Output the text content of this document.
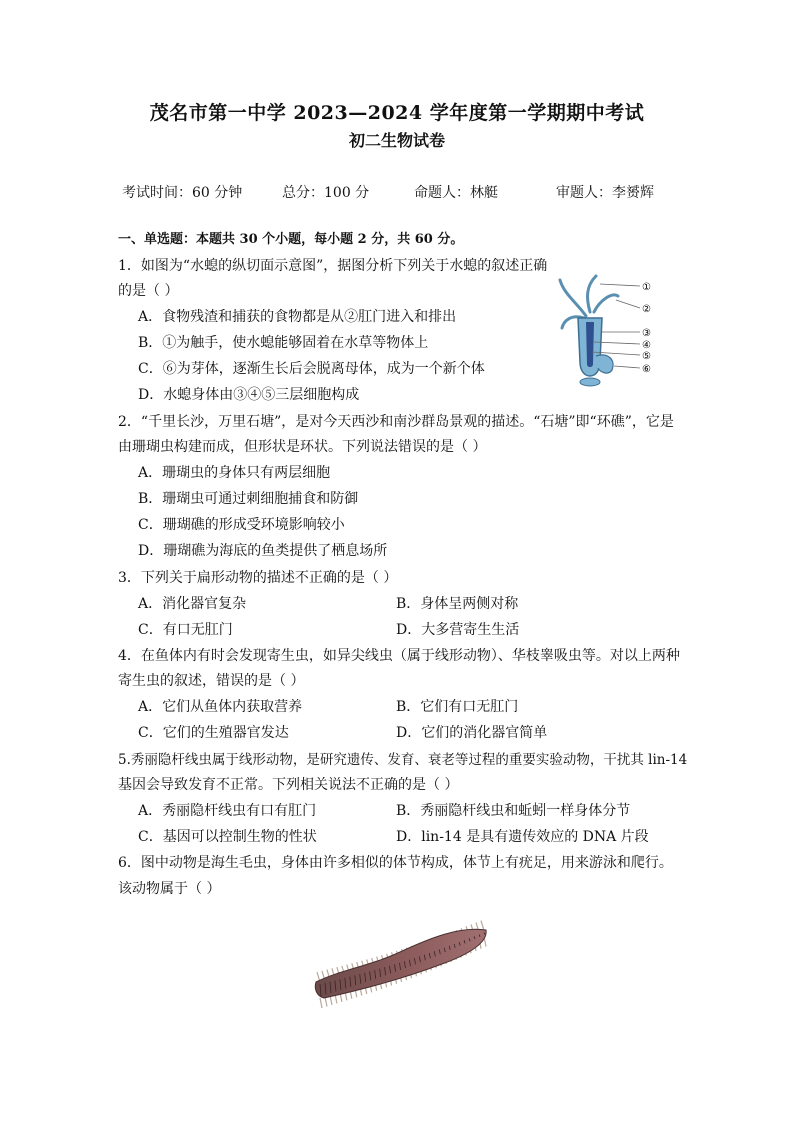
茂名市第一中学 2023—2024 学年度第一学期期中考试
初二生物试卷
考试时间：60 分钟	总分：100 分	命题人：林艇	审题人：李赟辉
一、单选题：本题共 30 个小题，每小题 2 分，共 60 分。
1．如图为“水螅的纵切面示意图”，据图分析下列关于水螅的叙述正确
的是（ ）
A．食物残渣和捕获的食物都是从②肛门进入和排出
B．①为触手，使水螅能够固着在水草等物体上
C．⑥为芽体，逐渐生长后会脱离母体，成为一个新个体
D．水螅身体由③④⑤三层细胞构成
①
②
③
④
⑤
⑥
2．“千里长沙，万里石塘”，是对今天西沙和南沙群岛景观的描述。“石塘”即“环礁”，它是
由珊瑚虫构建而成，但形状是环状。下列说法错误的是（ ）
A．珊瑚虫的身体只有两层细胞
B．珊瑚虫可通过刺细胞捕食和防御
C．珊瑚礁的形成受环境影响较小
D．珊瑚礁为海底的鱼类提供了栖息场所
3．下列关于扁形动物的描述不正确的是（ ）
A．消化器官复杂	B．身体呈两侧对称
C．有口无肛门	D．大多营寄生生活
4．在鱼体内有时会发现寄生虫，如异尖线虫（属于线形动物）、华枝睾吸虫等。对以上两种
寄生虫的叙述，错误的是（ ）
A．它们从鱼体内获取营养	B．它们有口无肛门
C．它们的生殖器官发达	D．它们的消化器官简单
5.秀丽隐杆线虫属于线形动物，是研究遗传、发育、衰老等过程的重要实验动物，干扰其 lin-14
基因会导致发育不正常。下列相关说法不正确的是（ ）
A．秀丽隐杆线虫有口有肛门	B．秀丽隐杆线虫和蚯蚓一样身体分节
C．基因可以控制生物的性状	D．lin-14 是具有遗传效应的 DNA 片段
6．图中动物是海生毛虫，身体由许多相似的体节构成，体节上有疣足，用来游泳和爬行。
该动物属于（ ）
